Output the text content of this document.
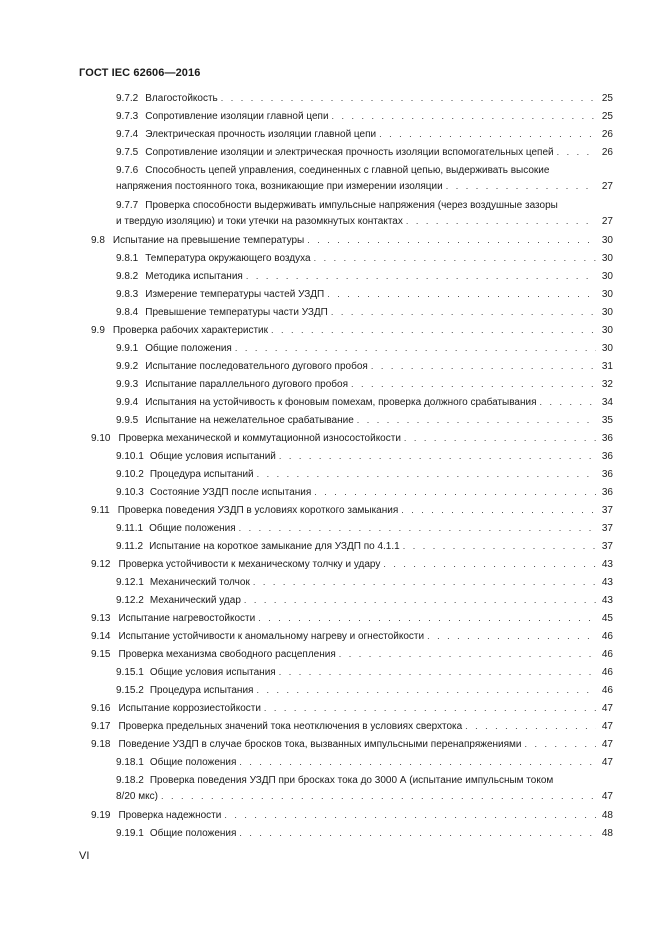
ГОСТ IEC 62606—2016
9.7.2 Влагостойкость . . .	25
9.7.3 Сопротивление изоляции главной цепи . . .	25
9.7.4 Электрическая прочность изоляции главной цепи . . .	26
9.7.5 Сопротивление изоляции и электрическая прочность изоляции вспомогательных цепей . . .	26
9.7.6 Способность цепей управления, соединенных с главной цепью, выдерживать высокие
напряжения постоянного тока, возникающие при измерении изоляции . . .	27
9.7.7 Проверка способности выдерживать импульсные напряжения (через воздушные зазоры
и твердую изоляцию) и токи утечки на разомкнутых контактах . . .	27
9.8 Испытание на превышение температуры . . .	30
9.8.1 Температура окружающего воздуха . . .	30
9.8.2 Методика испытания . . .	30
9.8.3 Измерение температуры частей УЗДП . . .	30
9.8.4 Превышение температуры части УЗДП . . .	30
9.9 Проверка рабочих характеристик . . .	30
9.9.1 Общие положения . . .	30
9.9.2 Испытание последовательного дугового пробоя . . .	31
9.9.3 Испытание параллельного дугового пробоя . . .	32
9.9.4 Испытания на устойчивость к фоновым помехам, проверка должного срабатывания . . .	34
9.9.5 Испытание на нежелательное срабатывание . . .	35
9.10 Проверка механической и коммутационной износостойкости . . .	36
9.10.1 Общие условия испытаний . . .	36
9.10.2 Процедура испытаний . . .	36
9.10.3 Состояние УЗДП после испытания . . .	36
9.11 Проверка поведения УЗДП в условиях короткого замыкания . . .	37
9.11.1 Общие положения . . .	37
9.11.2 Испытание на короткое замыкание для УЗДП по 4.1.1 . . .	37
9.12 Проверка устойчивости к механическому толчку и удару . . .	43
9.12.1 Механический толчок . . .	43
9.12.2 Механический удар . . .	43
9.13 Испытание нагревостойкости . . .	45
9.14 Испытание устойчивости к аномальному нагреву и огнестойкости . . .	46
9.15 Проверка механизма свободного расцепления . . .	46
9.15.1 Общие условия испытания . . .	46
9.15.2 Процедура испытания . . .	46
9.16 Испытание коррозиестойкости . . .	47
9.17 Проверка предельных значений тока неотключения в условиях сверхтока . . .	47
9.18 Поведение УЗДП в случае бросков тока, вызванных импульсными перенапряжениями . . .	47
9.18.1 Общие положения . . .	47
9.18.2 Проверка поведения УЗДП при бросках тока до 3000 А (испытание импульсным током
8/20 мкс) . . .	47
9.19 Проверка надежности . . .	48
9.19.1 Общие положения . . .	48
VI
